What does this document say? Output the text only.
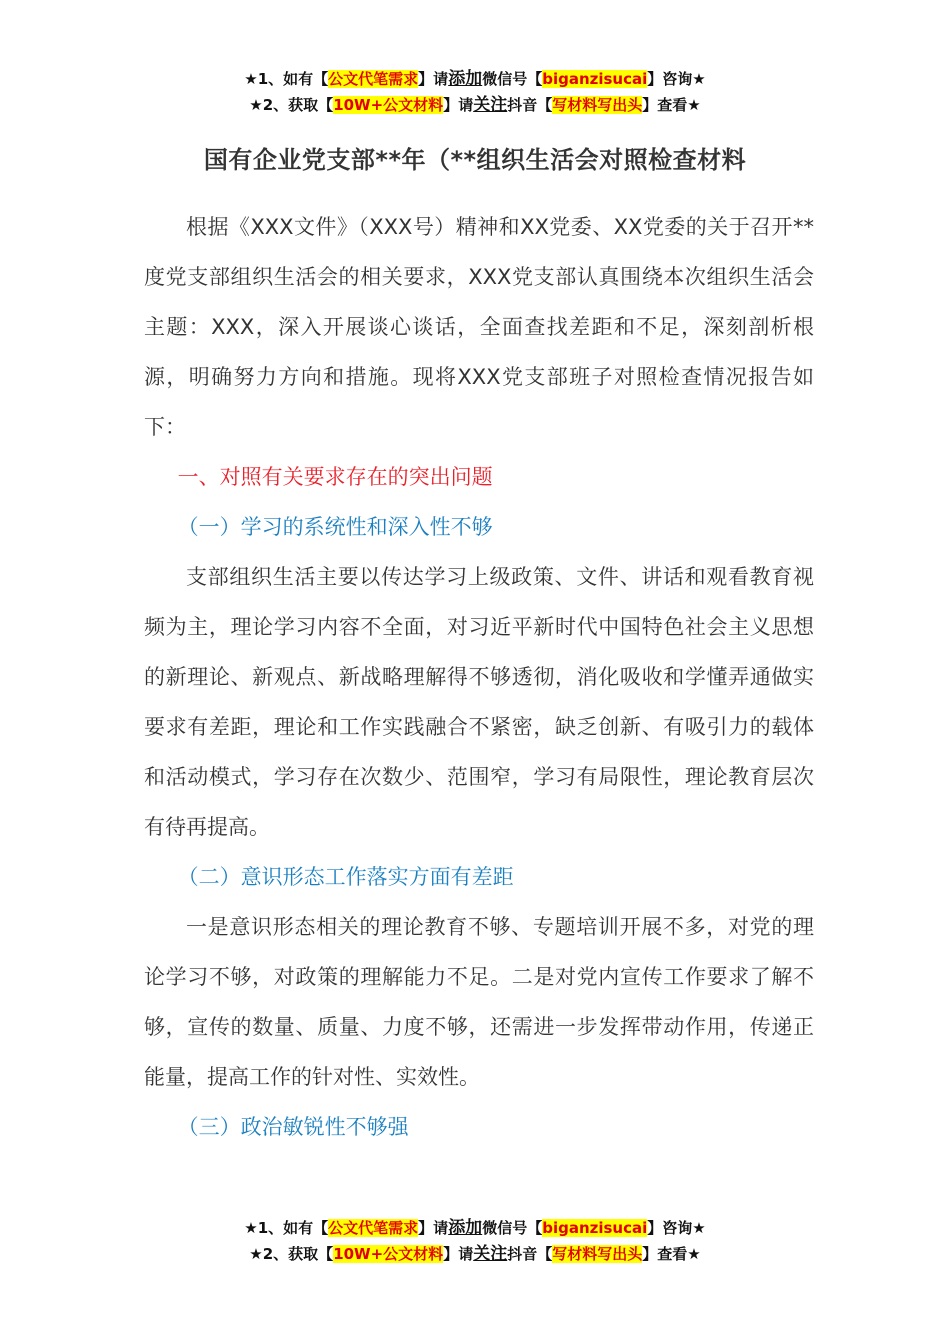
★1、如有【公文代笔需求】请添加微信号【biganzisucai】咨询★
★2、获取【10W+公文材料】请关注抖音【写材料写出头】查看★
国有企业党支部**年（**组织生活会对照检查材料

根据《XXX文件》（XXX号）精神和XX党委、XX党委的关于召开**度党支部组织生活会的相关要求，XXX党支部认真围绕本次组织生活会主题：XXX，深入开展谈心谈话，全面查找差距和不足，深刻剖析根源，明确努力方向和措施。现将XXX党支部班子对照检查情况报告如下：

一、对照有关要求存在的突出问题

（一）学习的系统性和深入性不够

支部组织生活主要以传达学习上级政策、文件、讲话和观看教育视频为主，理论学习内容不全面，对习近平新时代中国特色社会主义思想的新理论、新观点、新战略理解得不够透彻，消化吸收和学懂弄通做实要求有差距，理论和工作实践融合不紧密，缺乏创新、有吸引力的载体和活动模式，学习存在次数少、范围窄，学习有局限性，理论教育层次有待再提高。

（二）意识形态工作落实方面有差距

一是意识形态相关的理论教育不够、专题培训开展不多，对党的理论学习不够，对政策的理解能力不足。二是对党内宣传工作要求了解不够，宣传的数量、质量、力度不够，还需进一步发挥带动作用，传递正能量，提高工作的针对性、实效性。

（三）政治敏锐性不够强

★1、如有【公文代笔需求】请添加微信号【biganzisucai】咨询★
★2、获取【10W+公文材料】请关注抖音【写材料写出头】查看★
